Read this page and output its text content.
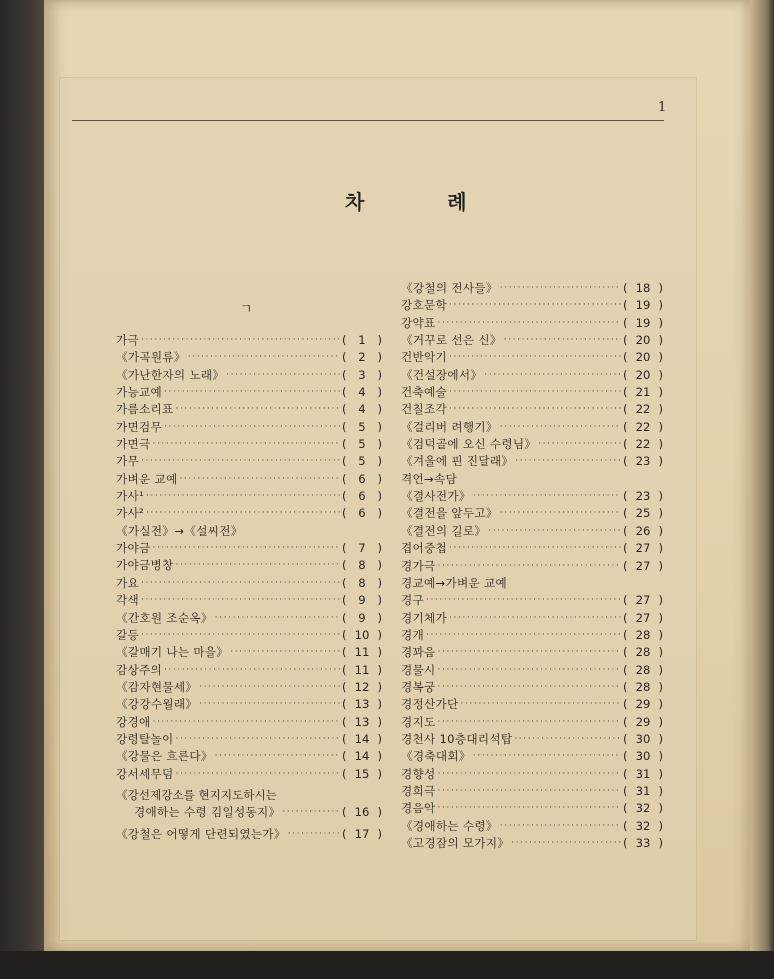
1
차 례
ㄱ
가극 ·····	(	1	)
《가곡원류》 ·····	(	2	)
《가난한자의 노래》 ·····	(	3	)
가능교예 ·····	(	4	)
가름소리표 ·····	(	4	)
가면검무 ·····	(	5	)
가면극 ·····	(	5	)
가무 ·····	(	5	)
가벼운 교예 ·····	(	6	)
가사¹ ·····	(	6	)
가사² ·····	(	6	)
《가실전》→《설씨전》
가야금 ·····	(	7	)
가야금병창 ·····	(	8	)
가요 ·····	(	8	)
각색 ·····	(	9	)
《간호원 조순옥》 ·····	(	9	)
갈등 ·····	( 10 )
《갈매기 나는 마을》 ·····	( 11 )
감상주의 ·····	( 11 )
《감자현물세》 ·····	( 12 )
《강강수월래》 ·····	( 13 )
강경애 ·····	( 13 )
강령탈놀이 ·····	( 14 )
《강물은 흐른다》 ·····	( 14 )
강서세무덤 ·····	( 15 )
《강선제강소를 현지지도하시는
경애하는 수령 김일성동지》 ·····	( 16 )
《강철은 어떻게 단련되였는가》 ·····	( 17 )
《강철의 전사들》 ·····	( 18 )
강호문학 ·····	( 19 )
강약표 ·····	( 19 )
《거꾸로 선은 신》 ·····	( 20 )
건반악기 ·····	( 20 )
《건설장에서》 ·····	( 20 )
건축예술 ·····	( 21 )
건칠조각 ·····	( 22 )
《걸리버 려행기》 ·····	( 22 )
《검덕골에 오신 수령님》 ·····	( 22 )
《겨울에 핀 진달래》 ·····	( 23 )
격언→속담
《결사전가》 ·····	( 23 )
《결전을 앞두고》 ·····	( 25 )
《결전의 길로》 ·····	( 26 )
겹어중첩 ·····	( 27 )
경가극 ·····	( 27 )
경교예→가벼운 교예
경구 ·····	( 27 )
경기체가 ·····	( 27 )
경개 ·····	( 28 )
경꽈음 ·····	( 28 )
경물시 ·····	( 28 )
경복궁 ·····	( 28 )
경정산가단 ·····	( 29 )
경지도 ·····	( 29 )
경천사 10층대리석탑 ·····	( 30 )
《경축대회》 ·····	( 30 )
경향성 ·····	( 31 )
경희극 ·····	( 31 )
경음악 ·····	( 32 )
《경애하는 수령》 ·····	( 32 )
《고경잠의 모가지》 ·····	( 33 )
